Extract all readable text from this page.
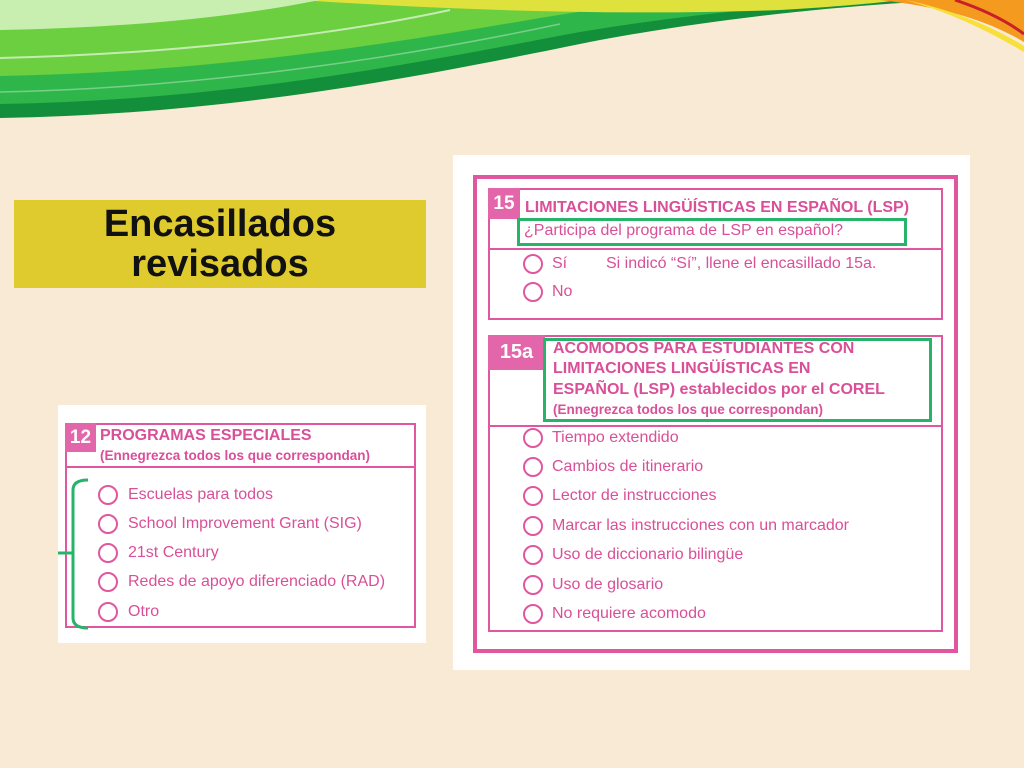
Encasillados
revisados
15 LIMITACIONES LINGÜÍSTICAS EN ESPAÑOL (LSP)
¿Participa del programa de LSP en español?
Sí Si indicó “Sí”, llene el encasillado 15a.
No
15a	ACOMODOS PARA ESTUDIANTES CON
LIMITACIONES LINGÜÍSTICAS EN
ESPAÑOL (LSP) establecidos por el COREL
(Ennegrezca todos los que correspondan)
Tiempo extendido
Cambios de itinerario
Lector de instrucciones
Marcar las instrucciones con un marcador
Uso de diccionario bilingüe
Uso de glosario
No requiere acomodo
12 PROGRAMAS ESPECIALES
(Ennegrezca todos los que correspondan)
Escuelas para todos
School Improvement Grant (SIG)
21st Century
Redes de apoyo diferenciado (RAD)
Otro
